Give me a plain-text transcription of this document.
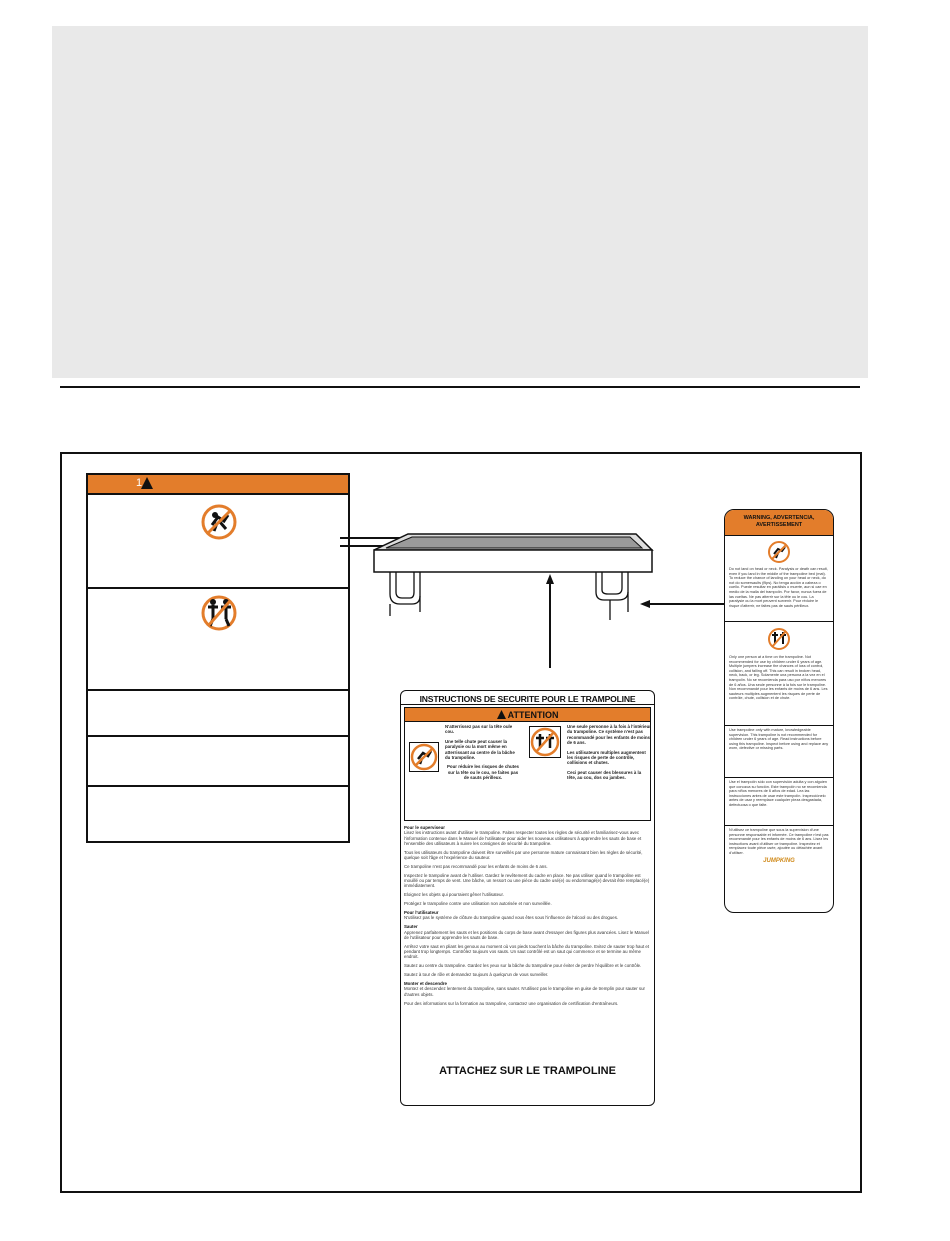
1
WARNING, ADVERTENCIA, AVERTISSEMENT
Do not land on head or neck. Paralysis or death can result, even if you land in the middle of the trampoline bed (mat). To reduce the chance of landing on your head or neck, do not do somersaults (flips). No tenga acción a cabeza o cuello. Puede resultar en parálisis o muerte, aun si cae en medio de la malla del trampolín. Por favor, nunca fuera de las vueltas. Ne pas atterrir sur la tête ou le cou. La paralysie ou la mort peuvent survenir. Pour réduire le risque d'atterrir, ne faites pas de sauts périlleux.
Only one person at a time on the trampoline. Not recommended for use by children under 6 years of age. Multiple jumpers increase the chances of loss of control, collision, and falling off. This can result in broken head, neck, back, or leg. Solamente una persona a la vez en el trampolín. No se recomienda para uso por niños menores de 6 años. Una seule personne à la fois sur le trampoline. Non recommandé pour les enfants de moins de 6 ans. Les sauteurs multiples augmentent les risques de perte de contrôle, chute, collision et de chute.
Use trampoline only with mature, knowledgeable supervision. This trampoline is not recommended for children under 6 years of age. Read instructions before using this trampoline. Inspect before using and replace any worn, defective or missing parts.
Use el trampolín sólo con supervisión adulta y con alguien que conozca su función. Este trampolín no se recomienda para niños menores de 6 años de edad. Lea las instrucciones antes de usar este trampolín. Inspecciónelo antes de usar y reemplace cualquier pieza desgastada, defectuosa o que falte.
N'utilisez ce trampoline que sous la supervision d'une personne responsable et informée. Ce trampoline n'est pas recommandé pour les enfants de moins de 6 ans. Lisez les instructions avant d'utiliser ce trampoline. Inspectez et remplacez toute pièce usée, ajoutée ou détachée avant d'utiliser.
JUMPKING
INSTRUCTIONS DE SECURITE POUR LE TRAMPOLINE
ATTENTION

N'atterrissez pas sur la tête oule cou.

Une telle chute peut causer la paralysie ou la mort même en atterrissant au centre de la bâche du trampoline.

Pour réduire les risques de chutes sur la tête ou le cou, ne faites pas de sauts périlleux.

Une seule personne à la fois à l'intérieur du trampoline. Ce système n'est pas recommandé pour les enfants de moins de 6 ans.

Les utilisateurs multiples augmentent les risques de perte de contrôle, collisions et chutes.

Ceci peut causer des blessures à la tête, au cou, dos ou jambes.

Pour le superviseur

Lisez les instructions avant d'utiliser le trampoline. Faites respecter toutes les règles de sécurité et familiarisez-vous avec l'information contenue dans le Manuel de l'utilisateur pour aider les nouveaux utilisateurs à apprendre les sauts de base et l'ensemble des utilisateurs à suivre les consignes de sécurité du trampoline.

Tous les utilisateurs du trampoline doivent être surveillés par une personne mature connaissant bien les règles de sécurité, quelque soit l'âge et l'expérience du sauteur.

Ce trampoline n'est pas recommandé pour les enfants de moins de 6 ans.

Inspectez le trampoline avant de l'utiliser. Gardez le revêtement du cadre en place. Ne pas utiliser quand le trampoline est mouillé ou par temps de vent. Une bâche, un ressort ou une pièce du cadre usé(e) ou endommagé(e) devrait être remplacé(e) immédiatement.

Eloignez les objets qui pourraient gêner l'utilisateur.

Protégez le trampoline contre une utilisation non autorisée et non surveillée.

Pour l'utilisateur

N'utilisez pas le système de clôture du trampoline quand vous êtes sous l'influence de l'alcool ou des drogues.

Sauter

Apprenez parfaitement les sauts et les positions du corps de base avant d'essayer des figures plus avancées. Lisez le Manuel de l'utilisateur pour apprendre les sauts de base.

Arrêtez votre saut en pliant les genoux au moment où vos pieds touchent la bâche du trampoline. Evitez de sauter trop haut et pendant trop longtemps. Contrôlez toujours vos sauts. Un saut contrôlé est un saut qui commence et se termine au même endroit.

Sautez au centre du trampoline. Gardez les yeux sur la bâche du trampoline pour éviter de perdre l'équilibre et le contrôle.

Sautez à tour de rôle et demandez toujours à quelqu'un de vous surveiller.

Monter et descendre

Montez et descendez lentement du trampoline, sans sauter. N'utilisez pas le trampoline en guise de tremplin pour sauter sur d'autres objets.

Pour des informations sur la formation au trampoline, contactez une organisation de certification d'entraîneurs.

ATTACHEZ SUR LE TRAMPOLINE
